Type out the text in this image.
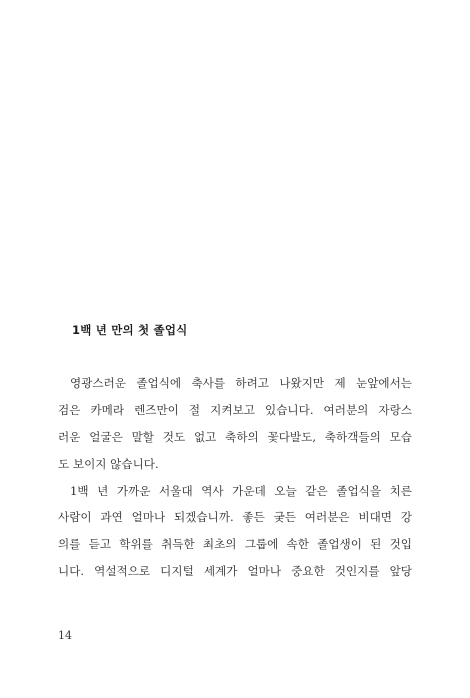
1백 년 만의 첫 졸업식
영광스러운 졸업식에 축사를 하려고 나왔지만 제 눈앞에서는
검은 카메라 렌즈만이 절 지켜보고 있습니다. 여러분의 자랑스
러운 얼굴은 말할 것도 없고 축하의 꽃다발도, 축하객들의 모습
도 보이지 않습니다.
1백 년 가까운 서울대 역사 가운데 오늘 같은 졸업식을 치른
사람이 과연 얼마나 되겠습니까. 좋든 궂든 여러분은 비대면 강
의를 듣고 학위를 취득한 최초의 그룹에 속한 졸업생이 된 것입
니다. 역설적으로 디지털 세계가 얼마나 중요한 것인지를 앞당
14
